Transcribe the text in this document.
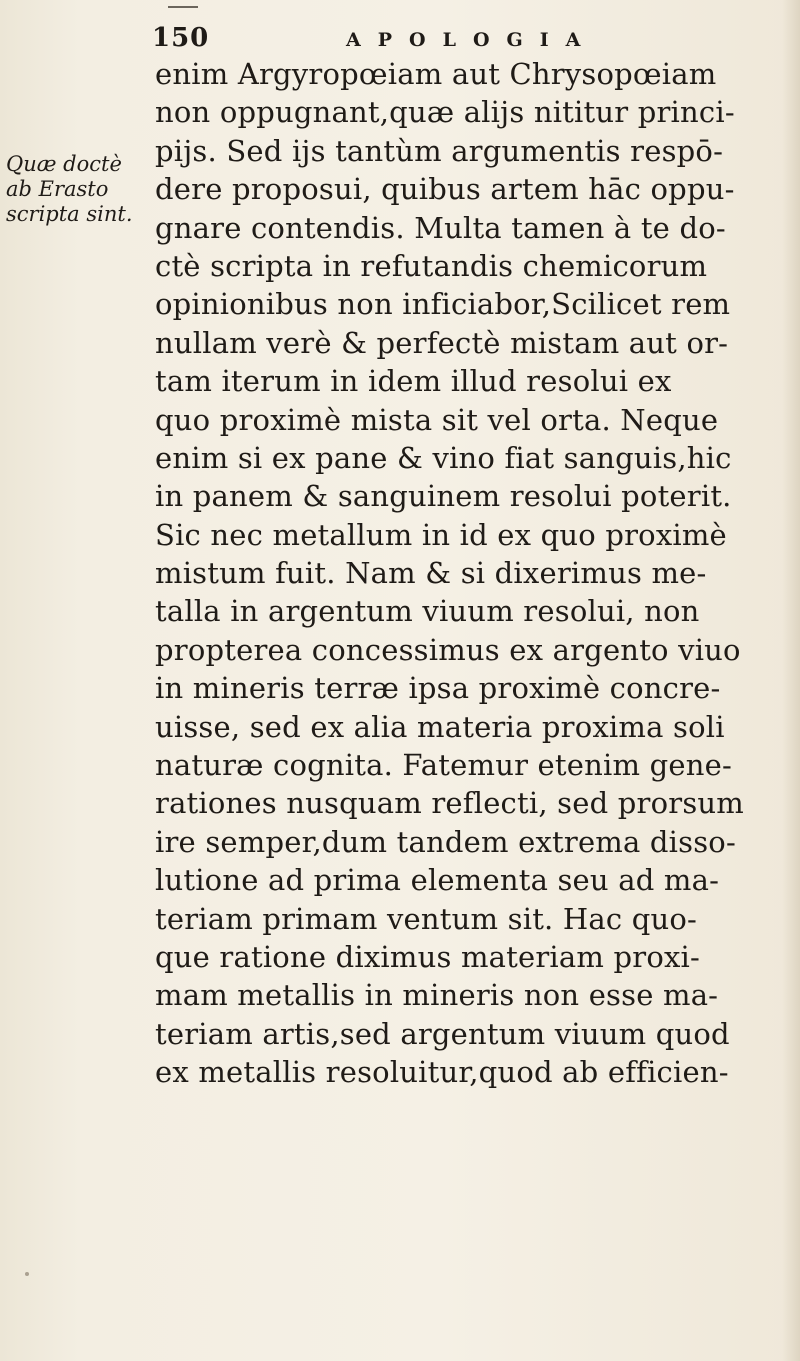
150	APOLOGIA
Quæ doctè
ab Erasto
scripta sint.
enim Argyropœiam aut Chrysopœiam
non oppugnant,quæ alijs nititur princi-
pijs. Sed ijs tantùm argumentis respō-
dere proposui, quibus artem hāc oppu-
gnare contendis. Multa tamen à te do-
ctè scripta in refutandis chemicorum
opinionibus non inficiabor,Scilicet rem
nullam verè & perfectè mistam aut or-
tam iterum in idem illud resolui ex
quo proximè mista sit vel orta. Neque
enim si ex pane & vino fiat sanguis,hic
in panem & sanguinem resolui poterit.
Sic nec metallum in id ex quo proximè
mistum fuit. Nam & si dixerimus me-
talla in argentum viuum resolui, non
propterea concessimus ex argento viuo
in mineris terræ ipsa proximè concre-
uisse, sed ex alia materia proxima soli
naturæ cognita. Fatemur etenim gene-
rationes nusquam reflecti, sed prorsum
ire semper,dum tandem extrema disso-
lutione ad prima elementa seu ad ma-
teriam primam ventum sit. Hac quo-
que ratione diximus materiam proxi-
mam metallis in mineris non esse ma-
teriam artis,sed argentum viuum quod
ex metallis resoluitur,quod ab efficien-
